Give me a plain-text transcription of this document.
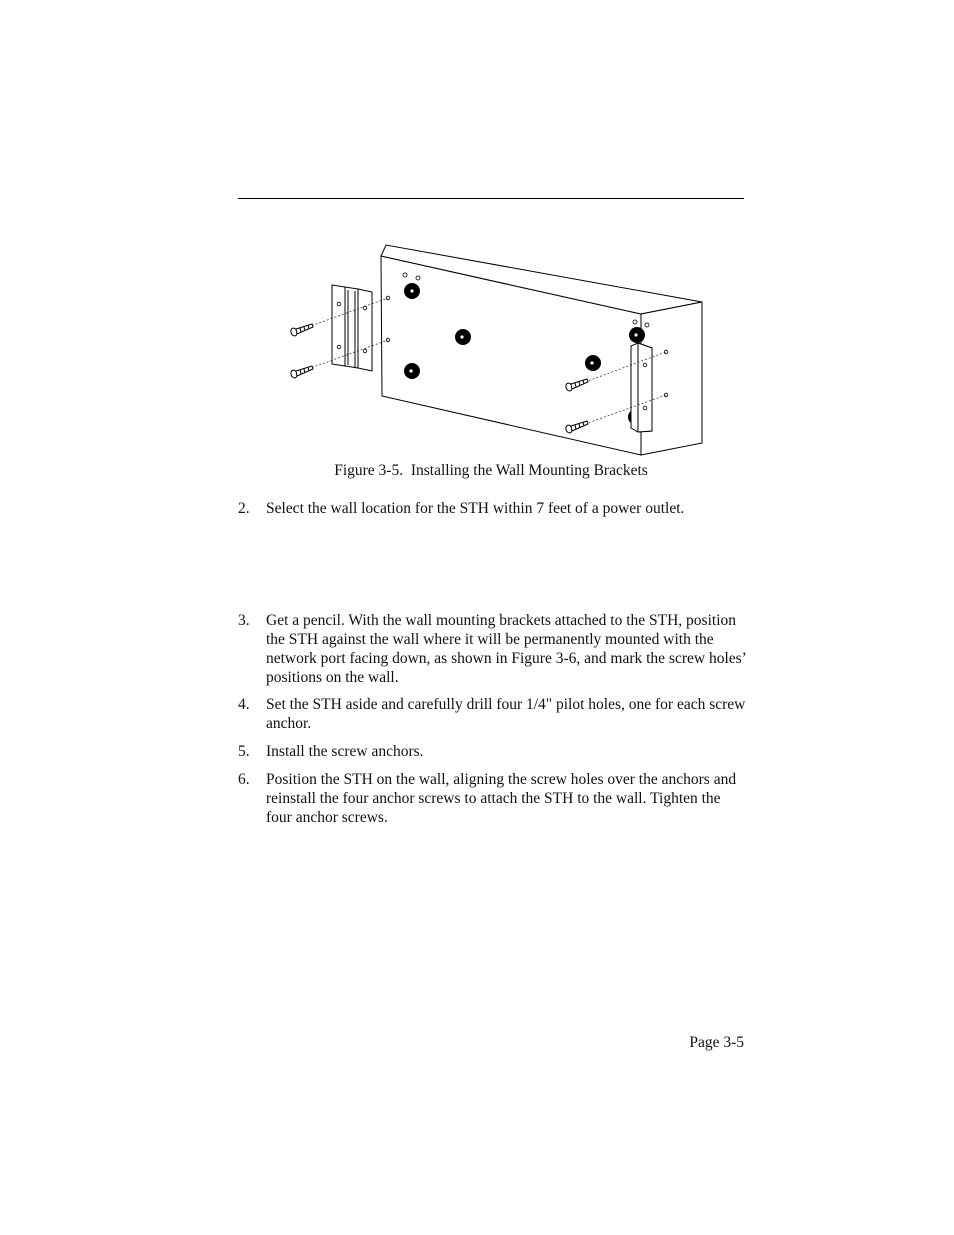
Figure 3-5.  Installing the Wall Mounting Brackets
2. Select the wall location for the STH within 7 feet of a power outlet.
3. Get a pencil. With the wall mounting brackets attached to the STH, position the STH against the wall where it will be permanently mounted with the network port facing down, as shown in Figure 3-6, and mark the screw holes’ positions on the wall.
4. Set the STH aside and carefully drill four 1/4" pilot holes, one for each screw anchor.
5. Install the screw anchors.
6. Position the STH on the wall, aligning the screw holes over the anchors and reinstall the four anchor screws to attach the STH to the wall. Tighten the four anchor screws.
Page 3-5
